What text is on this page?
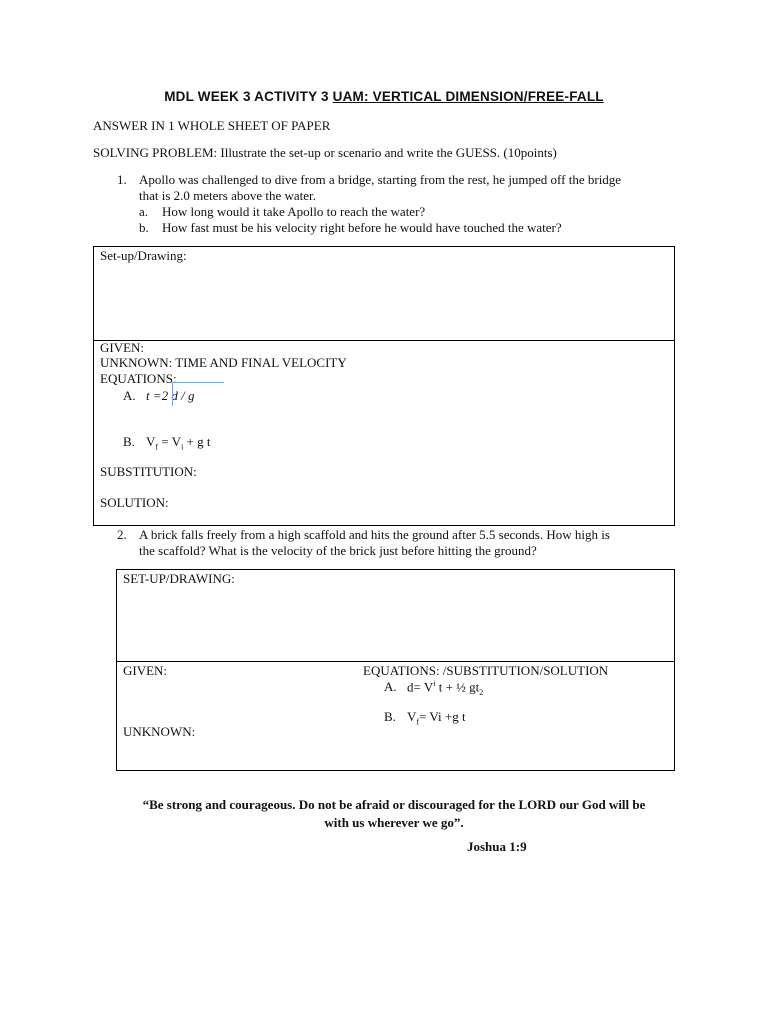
MDL WEEK 3 ACTIVITY 3 UAM: VERTICAL DIMENSION/FREE-FALL
ANSWER IN 1 WHOLE SHEET OF PAPER
SOLVING PROBLEM: Illustrate the set-up or scenario and write the GUESS. (10points)
1. Apollo was challenged to dive from a bridge, starting from the rest, he jumped off the bridge
that is 2.0 meters above the water.
a. How long would it take Apollo to reach the water?
b. How fast must be his velocity right before he would have touched the water?
Set-up/Drawing:
GIVEN:
UNKNOWN: TIME AND FINAL VELOCITY
EQUATIONS:
A. t =2 d / g
B. $V_f = V_i + g$ t
SUBSTITUTION:
SOLUTION:
2. A brick falls freely from a high scaffold and hits the ground after 5.5 seconds. How high is
the scaffold? What is the velocity of the brick just before hitting the ground?
SET-UP/DRAWING:
GIVEN:	EQUATIONS: /SUBSTITUTION/SOLUTION
A. $d= V^i$ t + ½ $gt_2$
B. $V_f= Vi +g$ t
UNKNOWN:
“Be strong and courageous. Do not be afraid or discouraged for the LORD our God will be
with us wherever we go”.
Joshua 1:9
